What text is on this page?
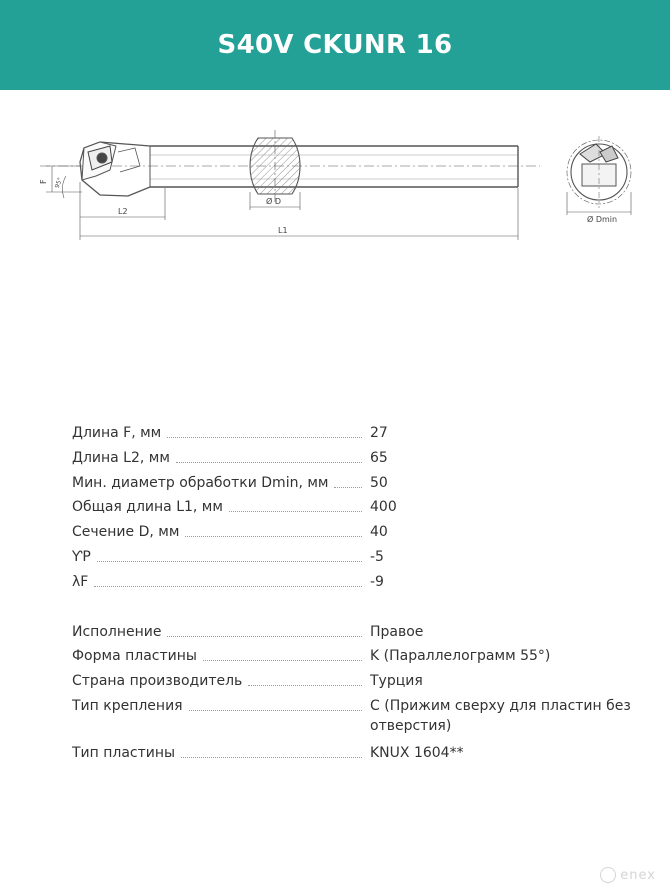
S40V CKUNR 16
F 95°
L2
L1
Ø D
Ø Dmin
Длина F, мм	27
Длина L2, мм	65
Мин. диаметр обработки Dmin, мм	50
Общая длина L1, мм	400
Сечение D, мм	40
ƳP	-5
λF	-9
Исполнение	Правое
Форма пластины	K (Параллелограмм 55°)
Страна производитель	Турция
Тип крепления	C (Прижим сверху для пластин без отверстия)
Тип пластины	KNUX 1604**
enex
